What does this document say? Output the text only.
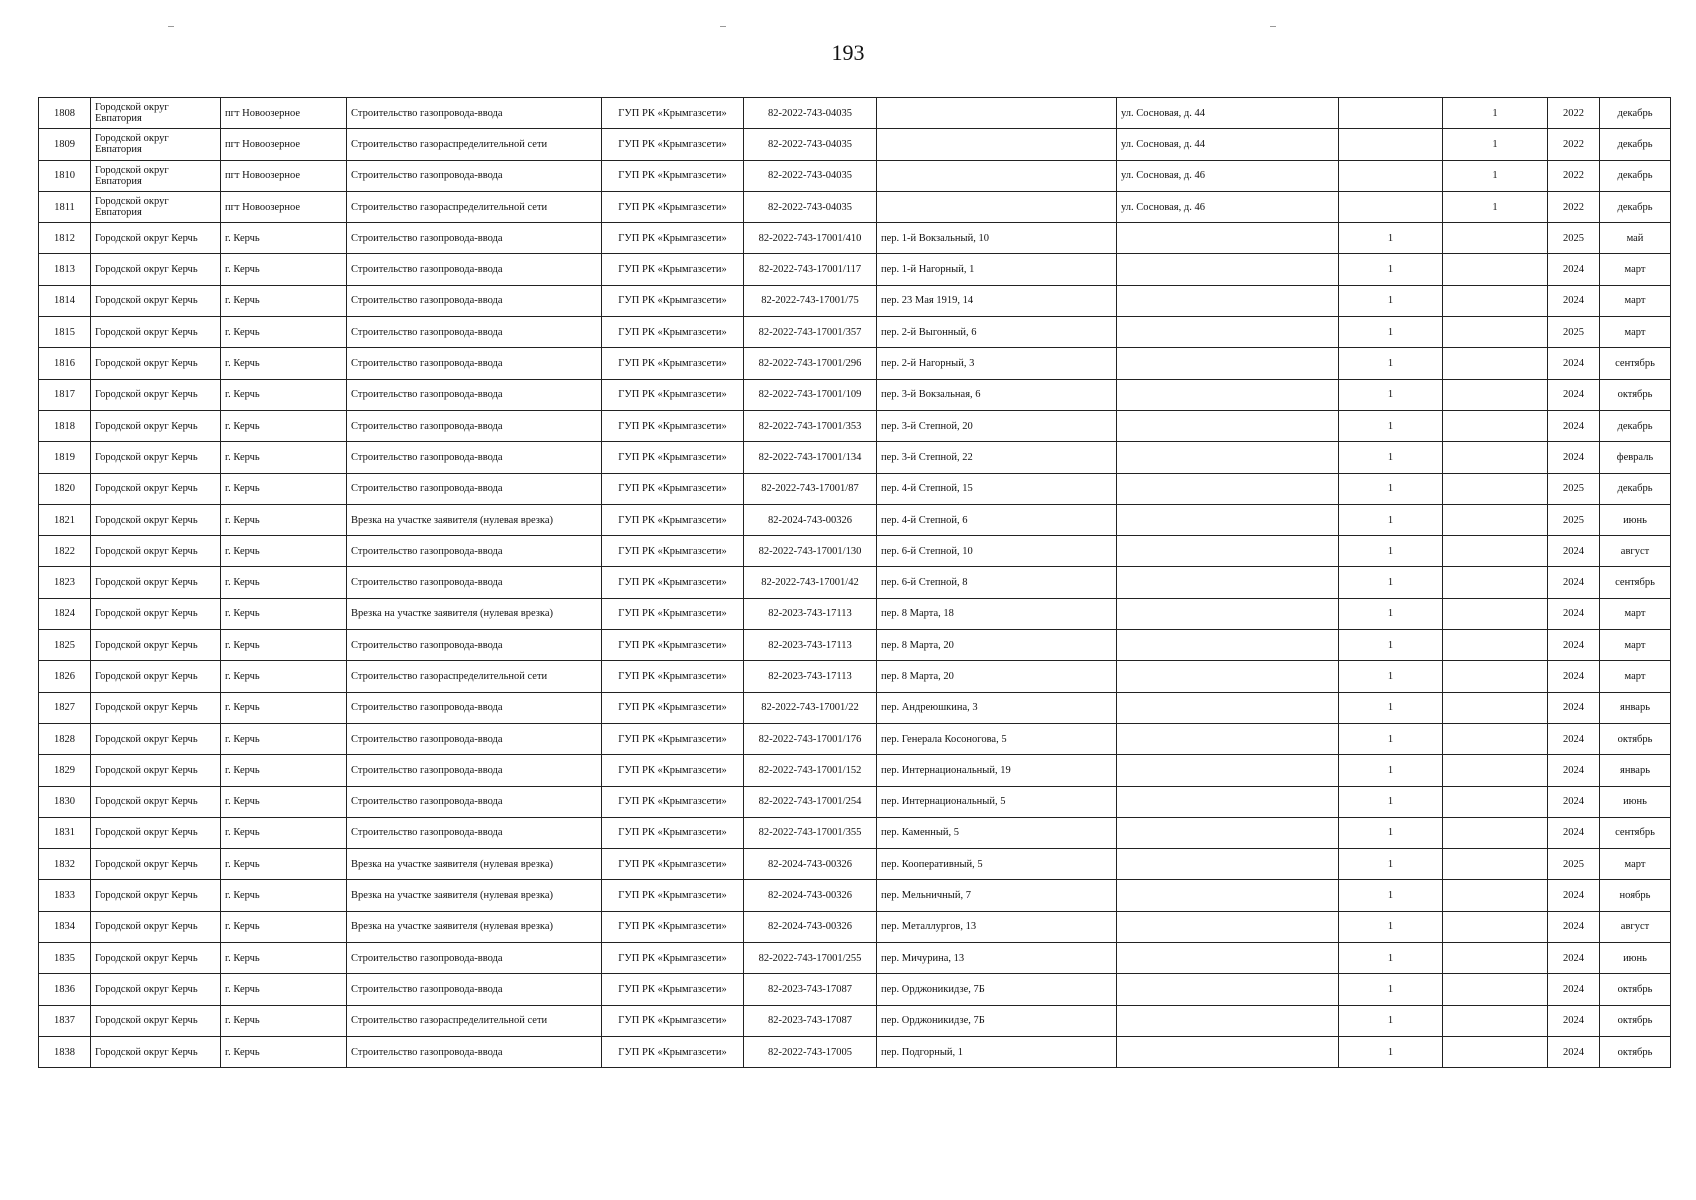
193
1808	Городской округ Евпатория	пгт Новоозерное	Строительство газопровода-ввода	ГУП РК «Крымгазсети»	82-2022-743-04035		ул. Сосновая, д. 44		1	2022	декабрь
1809	Городской округ Евпатория	пгт Новоозерное	Строительство газораспределительной сети	ГУП РК «Крымгазсети»	82-2022-743-04035		ул. Сосновая, д. 44		1	2022	декабрь
1810	Городской округ Евпатория	пгт Новоозерное	Строительство газопровода-ввода	ГУП РК «Крымгазсети»	82-2022-743-04035		ул. Сосновая, д. 46		1	2022	декабрь
1811	Городской округ Евпатория	пгт Новоозерное	Строительство газораспределительной сети	ГУП РК «Крымгазсети»	82-2022-743-04035		ул. Сосновая, д. 46		1	2022	декабрь
1812	Городской округ Керчь	г. Керчь	Строительство газопровода-ввода	ГУП РК «Крымгазсети»	82-2022-743-17001/410	пер. 1-й Вокзальный, 10		1		2025	май
1813	Городской округ Керчь	г. Керчь	Строительство газопровода-ввода	ГУП РК «Крымгазсети»	82-2022-743-17001/117	пер. 1-й Нагорный, 1		1		2024	март
1814	Городской округ Керчь	г. Керчь	Строительство газопровода-ввода	ГУП РК «Крымгазсети»	82-2022-743-17001/75	пер. 23 Мая 1919, 14		1		2024	март
1815	Городской округ Керчь	г. Керчь	Строительство газопровода-ввода	ГУП РК «Крымгазсети»	82-2022-743-17001/357	пер. 2-й Выгонный, 6		1		2025	март
1816	Городской округ Керчь	г. Керчь	Строительство газопровода-ввода	ГУП РК «Крымгазсети»	82-2022-743-17001/296	пер. 2-й Нагорный, 3		1		2024	сентябрь
1817	Городской округ Керчь	г. Керчь	Строительство газопровода-ввода	ГУП РК «Крымгазсети»	82-2022-743-17001/109	пер. 3-й Вокзальная, 6		1		2024	октябрь
1818	Городской округ Керчь	г. Керчь	Строительство газопровода-ввода	ГУП РК «Крымгазсети»	82-2022-743-17001/353	пер. 3-й Степной, 20		1		2024	декабрь
1819	Городской округ Керчь	г. Керчь	Строительство газопровода-ввода	ГУП РК «Крымгазсети»	82-2022-743-17001/134	пер. 3-й Степной, 22		1		2024	февраль
1820	Городской округ Керчь	г. Керчь	Строительство газопровода-ввода	ГУП РК «Крымгазсети»	82-2022-743-17001/87	пер. 4-й Степной, 15		1		2025	декабрь
1821	Городской округ Керчь	г. Керчь	Врезка на участке заявителя (нулевая врезка)	ГУП РК «Крымгазсети»	82-2024-743-00326	пер. 4-й Степной, 6		1		2025	июнь
1822	Городской округ Керчь	г. Керчь	Строительство газопровода-ввода	ГУП РК «Крымгазсети»	82-2022-743-17001/130	пер. 6-й Степной, 10		1		2024	август
1823	Городской округ Керчь	г. Керчь	Строительство газопровода-ввода	ГУП РК «Крымгазсети»	82-2022-743-17001/42	пер. 6-й Степной, 8		1		2024	сентябрь
1824	Городской округ Керчь	г. Керчь	Врезка на участке заявителя (нулевая врезка)	ГУП РК «Крымгазсети»	82-2023-743-17113	пер. 8 Марта, 18		1		2024	март
1825	Городской округ Керчь	г. Керчь	Строительство газопровода-ввода	ГУП РК «Крымгазсети»	82-2023-743-17113	пер. 8 Марта, 20		1		2024	март
1826	Городской округ Керчь	г. Керчь	Строительство газораспределительной сети	ГУП РК «Крымгазсети»	82-2023-743-17113	пер. 8 Марта, 20		1		2024	март
1827	Городской округ Керчь	г. Керчь	Строительство газопровода-ввода	ГУП РК «Крымгазсети»	82-2022-743-17001/22	пер. Андреюшкина, 3		1		2024	январь
1828	Городской округ Керчь	г. Керчь	Строительство газопровода-ввода	ГУП РК «Крымгазсети»	82-2022-743-17001/176	пер. Генерала Косоногова, 5		1		2024	октябрь
1829	Городской округ Керчь	г. Керчь	Строительство газопровода-ввода	ГУП РК «Крымгазсети»	82-2022-743-17001/152	пер. Интернациональный, 19		1		2024	январь
1830	Городской округ Керчь	г. Керчь	Строительство газопровода-ввода	ГУП РК «Крымгазсети»	82-2022-743-17001/254	пер. Интернациональный, 5		1		2024	июнь
1831	Городской округ Керчь	г. Керчь	Строительство газопровода-ввода	ГУП РК «Крымгазсети»	82-2022-743-17001/355	пер. Каменный, 5		1		2024	сентябрь
1832	Городской округ Керчь	г. Керчь	Врезка на участке заявителя (нулевая врезка)	ГУП РК «Крымгазсети»	82-2024-743-00326	пер. Кооперативный, 5		1		2025	март
1833	Городской округ Керчь	г. Керчь	Врезка на участке заявителя (нулевая врезка)	ГУП РК «Крымгазсети»	82-2024-743-00326	пер. Мельничный, 7		1		2024	ноябрь
1834	Городской округ Керчь	г. Керчь	Врезка на участке заявителя (нулевая врезка)	ГУП РК «Крымгазсети»	82-2024-743-00326	пер. Металлургов, 13		1		2024	август
1835	Городской округ Керчь	г. Керчь	Строительство газопровода-ввода	ГУП РК «Крымгазсети»	82-2022-743-17001/255	пер. Мичурина, 13		1		2024	июнь
1836	Городской округ Керчь	г. Керчь	Строительство газопровода-ввода	ГУП РК «Крымгазсети»	82-2023-743-17087	пер. Орджоникидзе, 7Б		1		2024	октябрь
1837	Городской округ Керчь	г. Керчь	Строительство газораспределительной сети	ГУП РК «Крымгазсети»	82-2023-743-17087	пер. Орджоникидзе, 7Б		1		2024	октябрь
1838	Городской округ Керчь	г. Керчь	Строительство газопровода-ввода	ГУП РК «Крымгазсети»	82-2022-743-17005	пер. Подгорный, 1		1		2024	октябрь
